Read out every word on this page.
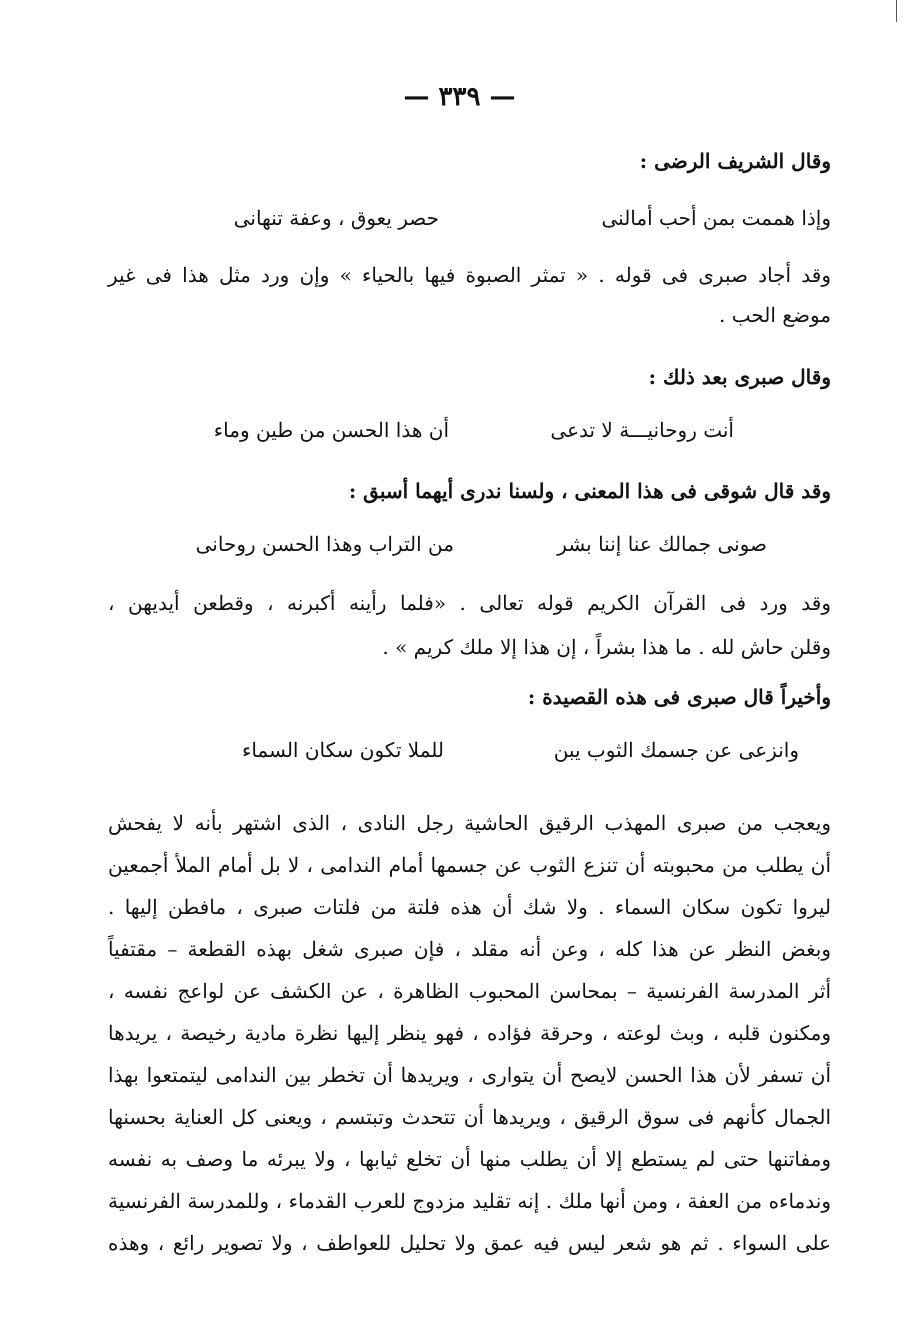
— ٣٣٩ —
وقال الشريف الرضى :
وإذا هممت بمن أحب أمالنى
حصر يعوق ، وعفة تنهانى
وقد أجاد صبرى فى قوله . « تمثر الصبوة فيها بالحياء » وإن ورد مثل هذا فى غير
موضع الحب .
وقال صبرى بعد ذلك :
أنت روحانيـــة لا تدعى
أن هذا الحسن من طين وماء
وقد قال شوقى فى هذا المعنى ، ولسنا ندرى أيهما أسبق :
صونى جمالك عنا إننا بشر
من التراب وهذا الحسن روحانى
وقد ورد فى القرآن الكريم قوله تعالى . «فلما رأينه أكبرنه ، وقطعن أيديهن ،
وقلن حاش لله . ما هذا بشراً ، إن هذا إلا ملك كريم » .
وأخيراً قال صبرى فى هذه القصيدة :
وانزعى عن جسمك الثوب يبن
للملا تكون سكان السماء
ويعجب من صبرى المهذب الرقيق الحاشية رجل النادى ، الذى اشتهر بأنه لا يفحش
أن يطلب من محبوبته أن تنزع الثوب عن جسمها أمام الندامى ، لا بل أمام الملأ أجمعين
ليروا تكون سكان السماء . ولا شك أن هذه فلتة من فلتات صبرى ، مافطن إليها .
وبغض النظر عن هذا كله ، وعن أنه مقلد ، فإن صبرى شغل بهذه القطعة – مقتفياً
أثر المدرسة الفرنسية – بمحاسن المحبوب الظاهرة ، عن الكشف عن لواعج نفسه ،
ومكنون قلبه ، وبث لوعته ، وحرقة فؤاده ، فهو ينظر إليها نظرة مادية رخيصة ، يريدها
أن تسفر لأن هذا الحسن لايصح أن يتوارى ، ويريدها أن تخطر بين الندامى ليتمتعوا بهذا
الجمال كأنهم فى سوق الرقيق ، ويريدها أن تتحدث وتبتسم ، ويعنى كل العناية بحسنها
ومفاتنها حتى لم يستطع إلا أن يطلب منها أن تخلع ثيابها ، ولا يبرئه ما وصف به نفسه
وندماءه من العفة ، ومن أنها ملك . إنه تقليد مزدوج للعرب القدماء ، وللمدرسة الفرنسية
على السواء . ثم هو شعر ليس فيه عمق ولا تحليل للعواطف ، ولا تصوير رائع ، وهذه
